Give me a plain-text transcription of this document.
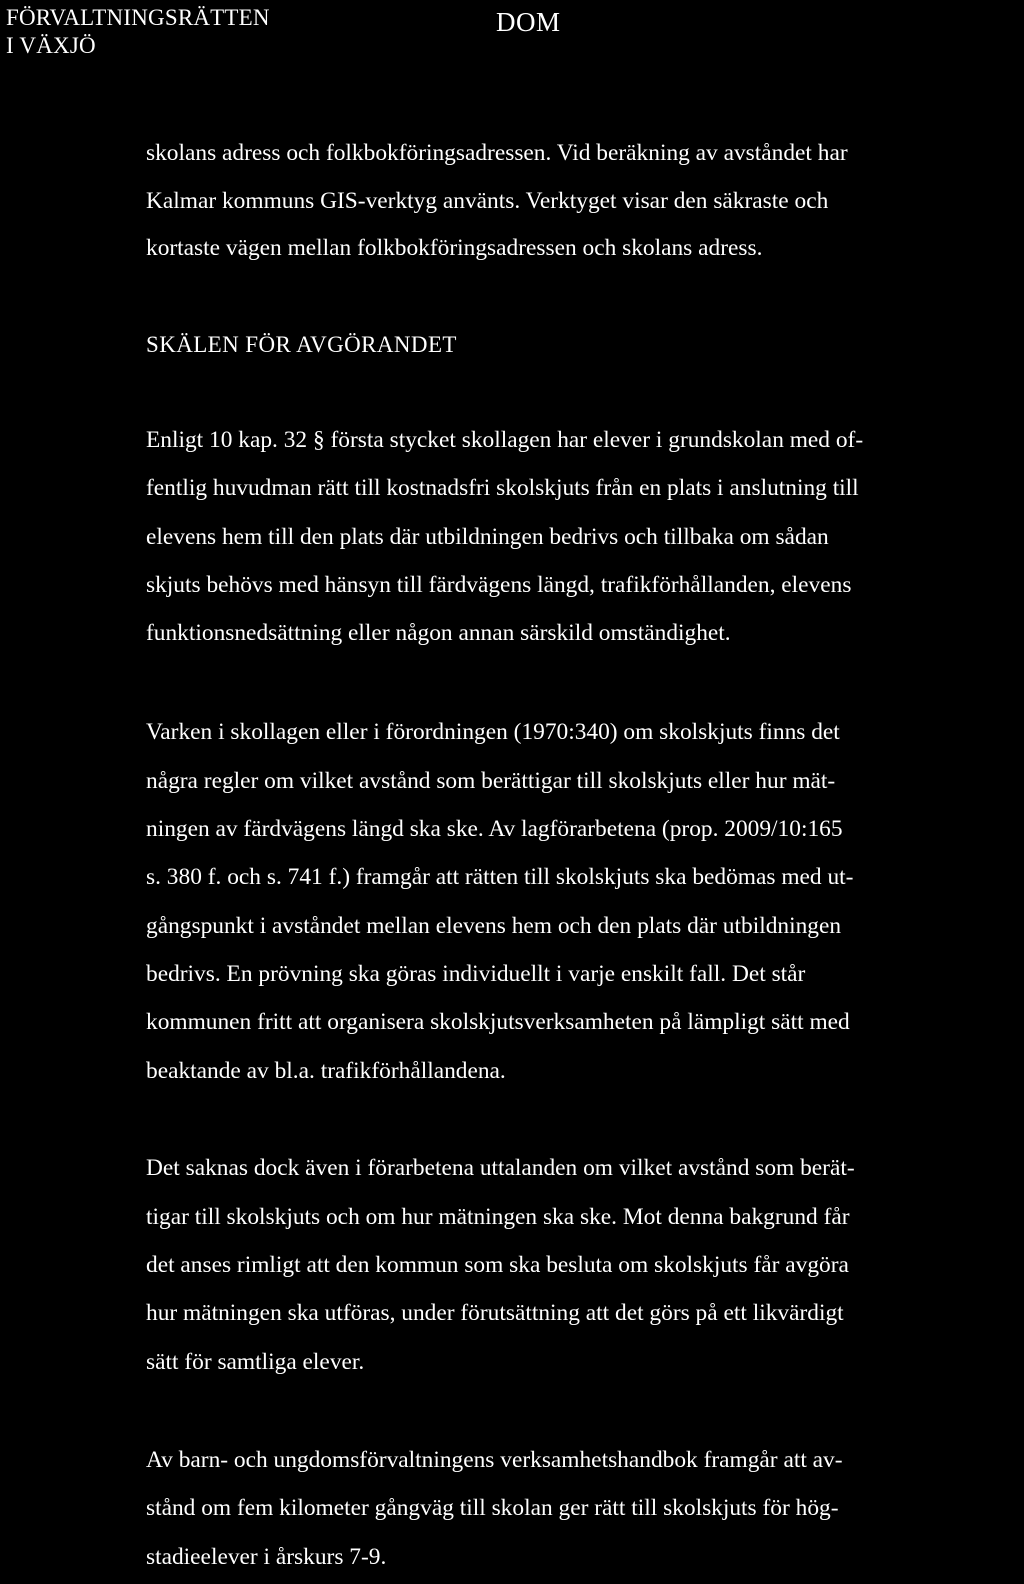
FÖRVALTNINGSRÄTTEN
I VÄXJÖ
DOM
skolans adress och folkbokföringsadressen. Vid beräkning av avståndet har
Kalmar kommuns GIS-verktyg använts. Verktyget visar den säkraste och
kortaste vägen mellan folkbokföringsadressen och skolans adress.
SKÄLEN FÖR AVGÖRANDET
Enligt 10 kap. 32 § första stycket skollagen har elever i grundskolan med of-
fentlig huvudman rätt till kostnadsfri skolskjuts från en plats i anslutning till
elevens hem till den plats där utbildningen bedrivs och tillbaka om sådan
skjuts behövs med hänsyn till färdvägens längd, trafikförhållanden, elevens
funktionsnedsättning eller någon annan särskild omständighet.
Varken i skollagen eller i förordningen (1970:340) om skolskjuts finns det
några regler om vilket avstånd som berättigar till skolskjuts eller hur mät-
ningen av färdvägens längd ska ske. Av lagförarbetena (prop. 2009/10:165
s. 380 f. och s. 741 f.) framgår att rätten till skolskjuts ska bedömas med ut-
gångspunkt i avståndet mellan elevens hem och den plats där utbildningen
bedrivs. En prövning ska göras individuellt i varje enskilt fall. Det står
kommunen fritt att organisera skolskjutsverksamheten på lämpligt sätt med
beaktande av bl.a. trafikförhållandena.
Det saknas dock även i förarbetena uttalanden om vilket avstånd som berät-
tigar till skolskjuts och om hur mätningen ska ske. Mot denna bakgrund får
det anses rimligt att den kommun som ska besluta om skolskjuts får avgöra
hur mätningen ska utföras, under förutsättning att det görs på ett likvärdigt
sätt för samtliga elever.
Av barn- och ungdomsförvaltningens verksamhetshandbok framgår att av-
stånd om fem kilometer gångväg till skolan ger rätt till skolskjuts för hög-
stadieelever i årskurs 7-9.
